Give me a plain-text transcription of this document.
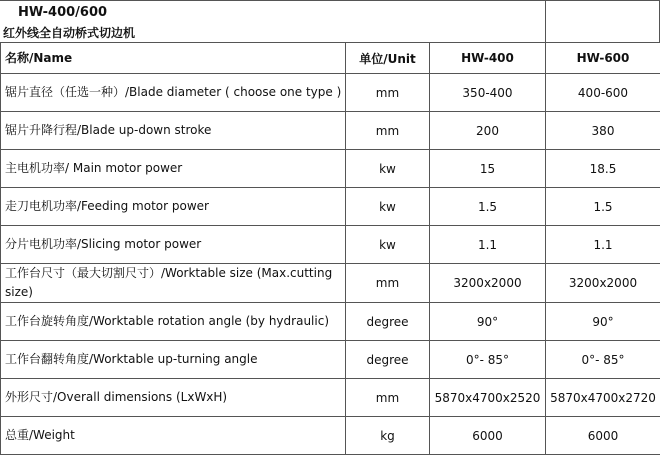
HW-400/600
红外线全自动桥式切边机
名称/Name	单位/Unit	HW-400	HW-600
锯片直径（任选一种）/Blade diameter ( choose one type )	mm	350-400	400-600
锯片升降行程/Blade up-down stroke	mm	200	380
主电机功率/ Main motor power	kw	15	18.5
走刀电机功率/Feeding motor power	kw	1.5	1.5
分片电机功率/Slicing motor power	kw	1.1	1.1
工作台尺寸（最大切割尺寸）/Worktable size (Max.cutting size)	mm	3200x2000	3200x2000
工作台旋转角度/Worktable rotation angle (by hydraulic)	degree	90°	90°
工作台翻转角度/Worktable up-turning angle	degree	0°- 85°	0°- 85°
外形尺寸/Overall dimensions (LxWxH)	mm	5870x4700x2520	5870x4700x2720
总重/Weight	kg	6000	6000
